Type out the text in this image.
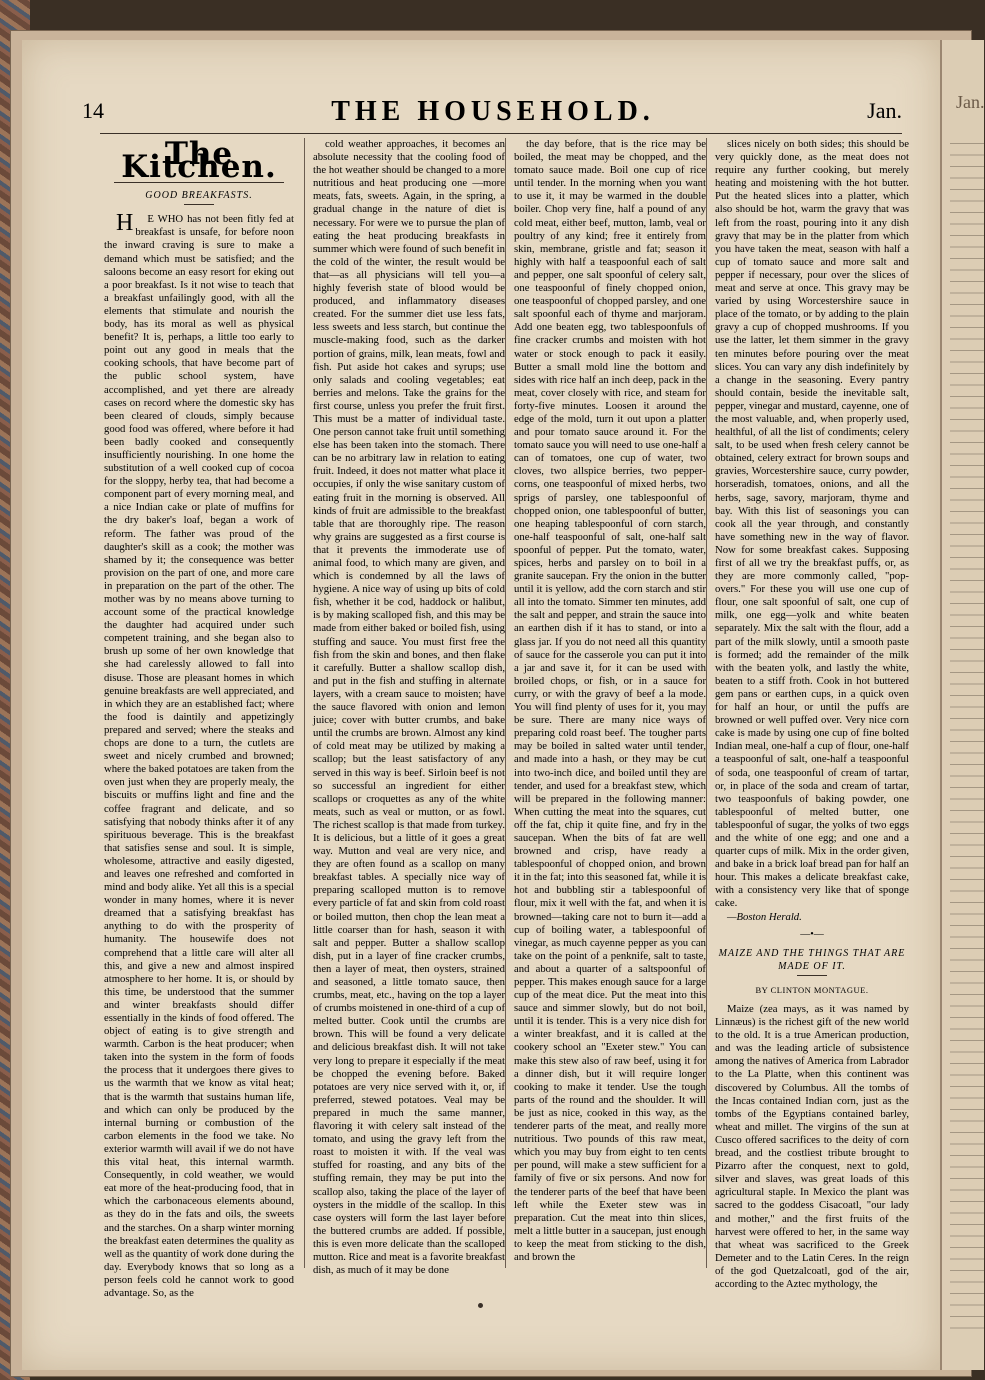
Jan.
14	THE HOUSEHOLD.	Jan.
The Kitchen.
GOOD BREAKFASTS.

HE WHO has not been fitly fed at breakfast is unsafe, for before noon the inward craving is sure to make a demand which must be satisfied; and the saloons become an easy resort for eking out a poor breakfast. Is it not wise to teach that a breakfast unfailingly good, with all the elements that stimulate and nourish the body, has its moral as well as physical benefit? It is, perhaps, a little too early to point out any good in meals that the cooking schools, that have become part of the public school system, have accomplished, and yet there are already cases on record where the domestic sky has been cleared of clouds, simply because good food was offered, where before it had been badly cooked and consequently insufficiently nourishing. In one home the substitution of a well cooked cup of cocoa for the sloppy, herby tea, that had become a component part of every morning meal, and a nice Indian cake or plate of muffins for the dry baker's loaf, began a work of reform. The father was proud of the daughter's skill as a cook; the mother was shamed by it; the consequence was better provision on the part of one, and more care in preparation on the part of the other. The mother was by no means above turning to account some of the practical knowledge the daughter had acquired under such competent training, and she began also to brush up some of her own knowledge that she had carelessly allowed to fall into disuse. Those are pleasant homes in which genuine breakfasts are well appreciated, and in which they are an established fact; where the food is daintily and appetizingly prepared and served; where the steaks and chops are done to a turn, the cutlets are sweet and nicely crumbed and browned; where the baked potatoes are taken from the oven just when they are properly mealy, the biscuits or muffins light and fine and the coffee fragrant and delicate, and so satisfying that nobody thinks after it of any spirituous beverage. This is the breakfast that satisfies sense and soul. It is simple, wholesome, attractive and easily digested, and leaves one refreshed and comforted in mind and body alike. Yet all this is a special wonder in many homes, where it is never dreamed that a satisfying breakfast has anything to do with the prosperity of humanity. The housewife does not comprehend that a little care will alter all this, and give a new and almost inspired atmosphere to her home. It is, or should by this time, be understood that the summer and winter breakfasts should differ essentially in the kinds of food offered. The object of eating is to give strength and warmth. Carbon is the heat producer; when taken into the system in the form of foods the process that it undergoes there gives to us the warmth that we know as vital heat; that is the warmth that sustains human life, and which can only be produced by the internal burning or combustion of the carbon elements in the food we take. No exterior warmth will avail if we do not have this vital heat, this internal warmth. Consequently, in cold weather, we would eat more of the heat-producing food, that in which the carbonaceous elements abound, as they do in the fats and oils, the sweets and the starches. On a sharp winter morning the breakfast eaten determines the quality as well as the quantity of work done during the day. Everybody knows that so long as a person feels cold he cannot work to good advantage. So, as the

cold weather approaches, it becomes an absolute necessity that the cooling food of the hot weather should be changed to a more nutritious and heat producing one —more meats, fats, sweets. Again, in the spring, a gradual change in the nature of diet is necessary. For were we to pursue the plan of eating the heat producing breakfasts in summer which were found of such benefit in the cold of the winter, the result would be that—as all physicians will tell you—a highly feverish state of blood would be produced, and inflammatory diseases created. For the summer diet use less fats, less sweets and less starch, but continue the muscle-making food, such as the darker portion of grains, milk, lean meats, fowl and fish. Put aside hot cakes and syrups; use only salads and cooling vegetables; eat berries and melons. Take the grains for the first course, unless you prefer the fruit first. This must be a matter of individual taste. One person cannot take fruit until something else has been taken into the stomach. There can be no arbitrary law in relation to eating fruit. Indeed, it does not matter what place it occupies, if only the wise sanitary custom of eating fruit in the morning is observed. All kinds of fruit are admissible to the breakfast table that are thoroughly ripe. The reason why grains are suggested as a first course is that it prevents the immoderate use of animal food, to which many are given, and which is condemned by all the laws of hygiene. A nice way of using up bits of cold fish, whether it be cod, haddock or halibut, is by making scalloped fish, and this may be made from either baked or boiled fish, using stuffing and sauce. You must first free the fish from the skin and bones, and then flake it carefully. Butter a shallow scallop dish, and put in the fish and stuffing in alternate layers, with a cream sauce to moisten; have the sauce flavored with onion and lemon juice; cover with butter crumbs, and bake until the crumbs are brown. Almost any kind of cold meat may be utilized by making a scallop; but the least satisfactory of any served in this way is beef. Sirloin beef is not so successful an ingredient for either scallops or croquettes as any of the white meats, such as veal or mutton, or as fowl. The richest scallop is that made from turkey. It is delicious, but a little of it goes a great way. Mutton and veal are very nice, and they are often found as a scallop on many breakfast tables. A specially nice way of preparing scalloped mutton is to remove every particle of fat and skin from cold roast or boiled mutton, then chop the lean meat a little coarser than for hash, season it with salt and pepper. Butter a shallow scallop dish, put in a layer of fine cracker crumbs, then a layer of meat, then oysters, strained and seasoned, a little tomato sauce, then crumbs, meat, etc., having on the top a layer of crumbs moistened in one-third of a cup of melted butter. Cook until the crumbs are brown. This will be found a very delicate and delicious breakfast dish. It will not take very long to prepare it especially if the meat be chopped the evening before. Baked potatoes are very nice served with it, or, if preferred, stewed potatoes. Veal may be prepared in much the same manner, flavoring it with celery salt instead of the tomato, and using the gravy left from the roast to moisten it with. If the veal was stuffed for roasting, and any bits of the stuffing remain, they may be put into the scallop also, taking the place of the layer of oysters in the middle of the scallop. In this case oysters will form the last layer before the buttered crumbs are added. If possible, this is even more delicate than the scalloped mutton. Rice and meat is a favorite breakfast dish, as much of it may be done

the day before, that is the rice may be boiled, the meat may be chopped, and the tomato sauce made. Boil one cup of rice until tender. In the morning when you want to use it, it may be warmed in the double boiler. Chop very fine, half a pound of any cold meat, either beef, mutton, lamb, veal or poultry of any kind; free it entirely from skin, membrane, gristle and fat; season it highly with half a teaspoonful each of salt and pepper, one salt spoonful of celery salt, one teaspoonful of finely chopped onion, one teaspoonful of chopped parsley, and one salt spoonful each of thyme and marjoram. Add one beaten egg, two tablespoonfuls of fine cracker crumbs and moisten with hot water or stock enough to pack it easily. Butter a small mold line the bottom and sides with rice half an inch deep, pack in the meat, cover closely with rice, and steam for forty-five minutes. Loosen it around the edge of the mold, turn it out upon a platter and pour tomato sauce around it. For the tomato sauce you will need to use one-half a can of tomatoes, one cup of water, two cloves, two allspice berries, two pepper-corns, one teaspoonful of mixed herbs, two sprigs of parsley, one tablespoonful of chopped onion, one tablespoonful of butter, one heaping tablespoonful of corn starch, one-half teaspoonful of salt, one-half salt spoonful of pepper. Put the tomato, water, spices, herbs and parsley on to boil in a granite saucepan. Fry the onion in the butter until it is yellow, add the corn starch and stir all into the tomato. Simmer ten minutes, add the salt and pepper, and strain the sauce into an earthen dish if it has to stand, or into a glass jar. If you do not need all this quantity of sauce for the casserole you can put it into a jar and save it, for it can be used with broiled chops, or fish, or in a sauce for curry, or with the gravy of beef a la mode. You will find plenty of uses for it, you may be sure. There are many nice ways of preparing cold roast beef. The tougher parts may be boiled in salted water until tender, and made into a hash, or they may be cut into two-inch dice, and boiled until they are tender, and used for a breakfast stew, which will be prepared in the following manner: When cutting the meat into the squares, cut off the fat, chip it quite fine, and fry in the saucepan. When the bits of fat are well browned and crisp, have ready a tablespoonful of chopped onion, and brown it in the fat; into this seasoned fat, while it is hot and bubbling stir a tablespoonful of flour, mix it well with the fat, and when it is browned—taking care not to burn it—add a cup of boiling water, a tablespoonful of vinegar, as much cayenne pepper as you can take on the point of a penknife, salt to taste, and about a quarter of a saltspoonful of pepper. This makes enough sauce for a large cup of the meat dice. Put the meat into this sauce and simmer slowly, but do not boil, until it is tender. This is a very nice dish for a winter breakfast, and it is called at the cookery school an "Exeter stew." You can make this stew also of raw beef, using it for a dinner dish, but it will require longer cooking to make it tender. Use the tough parts of the round and the shoulder. It will be just as nice, cooked in this way, as the tenderer parts of the meat, and really more nutritious. Two pounds of this raw meat, which you may buy from eight to ten cents per pound, will make a stew sufficient for a family of five or six persons. And now for the tenderer parts of the beef that have been left while the Exeter stew was in preparation. Cut the meat into thin slices, melt a little butter in a saucepan, just enough to keep the meat from sticking to the dish, and brown the

slices nicely on both sides; this should be very quickly done, as the meat does not require any further cooking, but merely heating and moistening with the hot butter. Put the heated slices into a platter, which also should be hot, warm the gravy that was left from the roast, pouring into it any dish gravy that may be in the platter from which you have taken the meat, season with half a cup of tomato sauce and more salt and pepper if necessary, pour over the slices of meat and serve at once. This gravy may be varied by using Worcestershire sauce in place of the tomato, or by adding to the plain gravy a cup of chopped mushrooms. If you use the latter, let them simmer in the gravy ten minutes before pouring over the meat slices. You can vary any dish indefinitely by a change in the seasoning. Every pantry should contain, beside the inevitable salt, pepper, vinegar and mustard, cayenne, one of the most valuable, and, when properly used, healthful, of all the list of condiments; celery salt, to be used when fresh celery cannot be obtained, celery extract for brown soups and gravies, Worcestershire sauce, curry powder, horseradish, tomatoes, onions, and all the herbs, sage, savory, marjoram, thyme and bay. With this list of seasonings you can cook all the year through, and constantly have something new in the way of flavor. Now for some breakfast cakes. Supposing first of all we try the breakfast puffs, or, as they are more commonly called, "pop-overs." For these you will use one cup of flour, one salt spoonful of salt, one cup of milk, one egg—yolk and white beaten separately. Mix the salt with the flour, add a part of the milk slowly, until a smooth paste is formed; add the remainder of the milk with the beaten yolk, and lastly the white, beaten to a stiff froth. Cook in hot buttered gem pans or earthen cups, in a quick oven for half an hour, or until the puffs are browned or well puffed over. Very nice corn cake is made by using one cup of fine bolted Indian meal, one-half a cup of flour, one-half a teaspoonful of salt, one-half a teaspoonful of soda, one teaspoonful of cream of tartar, or, in place of the soda and cream of tartar, two teaspoonfuls of baking powder, one tablespoonful of melted butter, one tablespoonful of sugar, the yolks of two eggs and the white of one egg; and one and a quarter cups of milk. Mix in the order given, and bake in a brick loaf bread pan for half an hour. This makes a delicate breakfast cake, with a consistency very like that of sponge cake.

—Boston Herald.

—•—
MAIZE AND THE THINGS THAT ARE MADE OF IT.
BY CLINTON MONTAGUE.

Maize (zea mays, as it was named by Linnæus) is the richest gift of the new world to the old. It is a true American production, and was the leading article of subsistence among the natives of America from Labrador to the La Platte, when this continent was discovered by Columbus. All the tombs of the Incas contained Indian corn, just as the tombs of the Egyptians contained barley, wheat and millet. The virgins of the sun at Cusco offered sacrifices to the deity of corn bread, and the costliest tribute brought to Pizarro after the conquest, next to gold, silver and slaves, was great loads of this agricultural staple. In Mexico the plant was sacred to the goddess Cisacoatl, "our lady and mother," and the first fruits of the harvest were offered to her, in the same way that wheat was sacrificed to the Greek Demeter and to the Latin Ceres. In the reign of the god Quetzalcoatl, god of the air, according to the Aztec mythology, the
